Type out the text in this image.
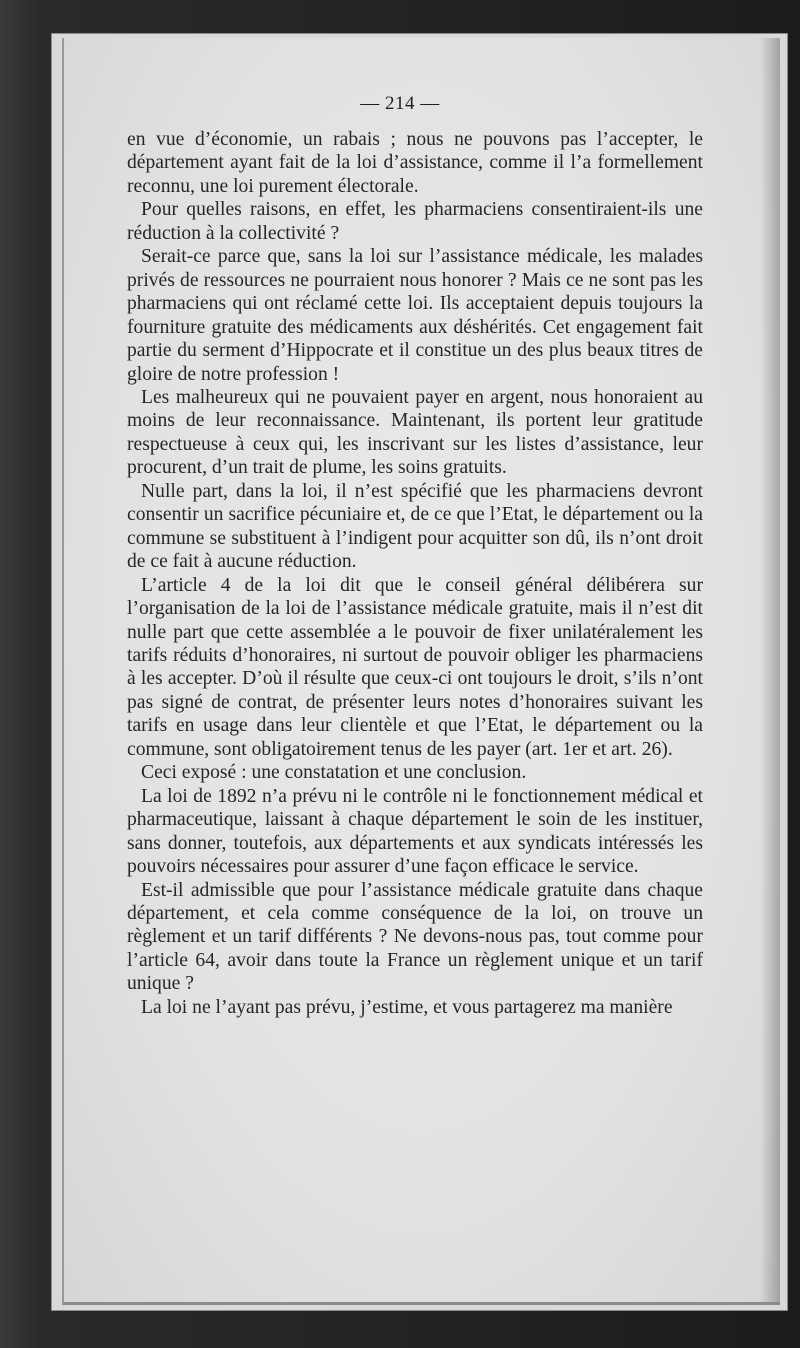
— 214 —

en vue d’économie, un rabais ; nous ne pouvons pas l’accepter, le département ayant fait de la loi d’assistance, comme il l’a formellement reconnu, une loi purement électorale.

Pour quelles raisons, en effet, les pharmaciens consentiraient-ils une réduction à la collectivité ?

Serait-ce parce que, sans la loi sur l’assistance médicale, les malades privés de ressources ne pourraient nous honorer ? Mais ce ne sont pas les pharmaciens qui ont réclamé cette loi. Ils acceptaient depuis toujours la fourniture gratuite des médicaments aux déshérités. Cet engagement fait partie du serment d’Hippocrate et il constitue un des plus beaux titres de gloire de notre profession !

Les malheureux qui ne pouvaient payer en argent, nous honoraient au moins de leur reconnaissance. Maintenant, ils portent leur gratitude respectueuse à ceux qui, les inscrivant sur les listes d’assistance, leur procurent, d’un trait de plume, les soins gratuits.

Nulle part, dans la loi, il n’est spécifié que les pharmaciens devront consentir un sacrifice pécuniaire et, de ce que l’Etat, le département ou la commune se substituent à l’indigent pour acquitter son dû, ils n’ont droit de ce fait à aucune réduction.

L’article 4 de la loi dit que le conseil général délibérera sur l’organisation de la loi de l’assistance médicale gratuite, mais il n’est dit nulle part que cette assemblée a le pouvoir de fixer unilatéralement les tarifs réduits d’honoraires, ni surtout de pouvoir obliger les pharmaciens à les accepter. D’où il résulte que ceux-ci ont toujours le droit, s’ils n’ont pas signé de contrat, de présenter leurs notes d’honoraires suivant les tarifs en usage dans leur clientèle et que l’Etat, le département ou la commune, sont obligatoirement tenus de les payer (art. 1er et art. 26).

Ceci exposé : une constatation et une conclusion.

La loi de 1892 n’a prévu ni le contrôle ni le fonctionnement médical et pharmaceutique, laissant à chaque département le soin de les instituer, sans donner, toutefois, aux départements et aux syndicats intéressés les pouvoirs nécessaires pour assurer d’une façon efficace le service.

Est-il admissible que pour l’assistance médicale gratuite dans chaque département, et cela comme conséquence de la loi, on trouve un règlement et un tarif différents ? Ne devons-nous pas, tout comme pour l’article 64, avoir dans toute la France un règlement unique et un tarif unique ?

La loi ne l’ayant pas prévu, j’estime, et vous partagerez ma manière
